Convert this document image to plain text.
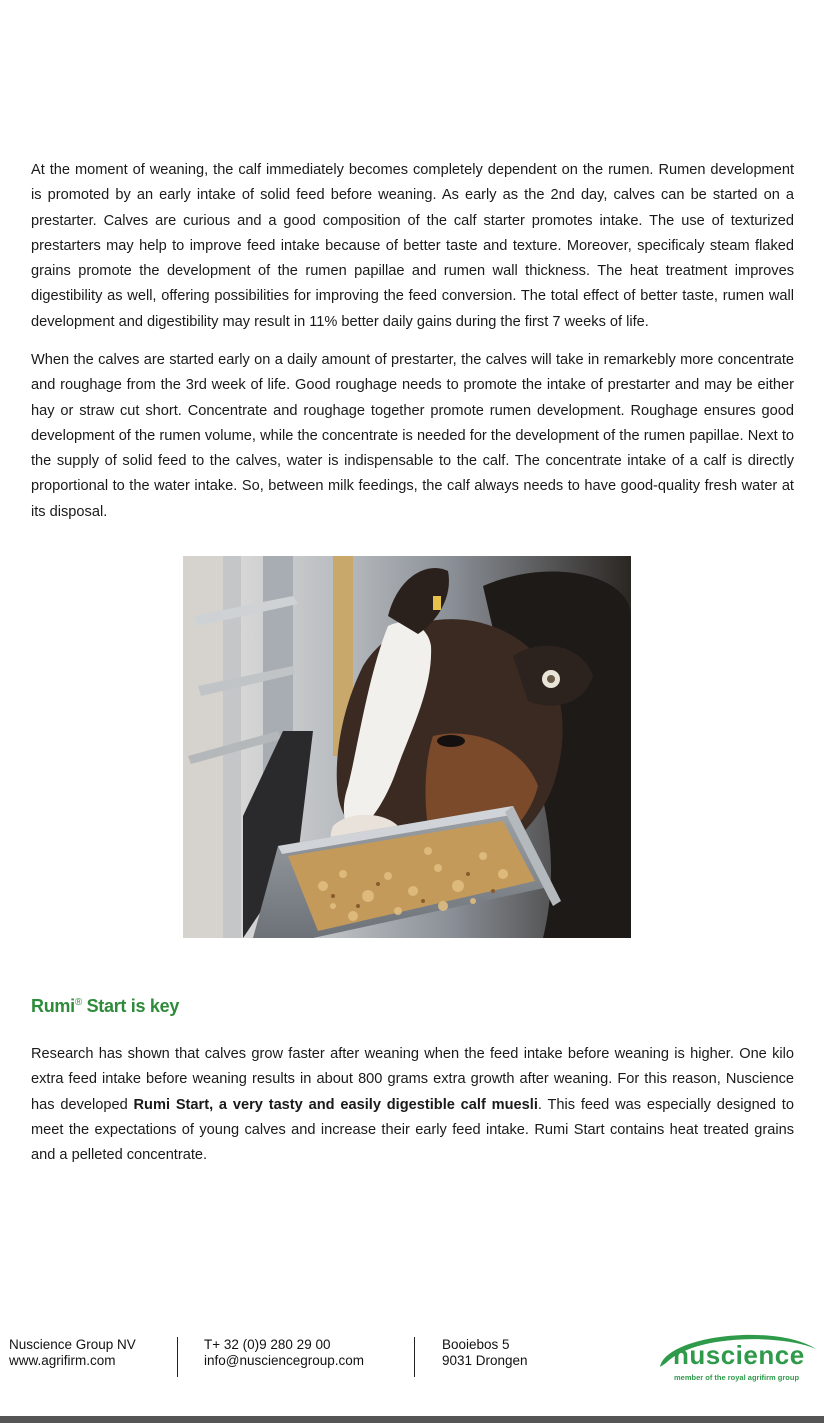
At the moment of weaning, the calf immediately becomes completely dependent on the rumen. Rumen development is promoted by an early intake of solid feed before weaning. As early as the 2nd day, calves can be started on a prestarter. Calves are curious and a good composition of the calf starter promotes intake. The use of texturized prestarters may help to improve feed intake because of better taste and texture. Moreover, specificaly steam flaked grains promote the development of the rumen papillae and rumen wall thickness. The heat treatment improves digestibility as well, offering possibilities for improving the feed conversion. The total effect of better taste, rumen wall development and digestibility may result in 11% better daily gains during the first 7 weeks of life.

When the calves are started early on a daily amount of prestarter, the calves will take in remarkebly more concentrate and roughage from the 3rd week of life. Good roughage needs to promote the intake of prestarter and may be either hay or straw cut short. Concentrate and roughage together promote rumen development. Roughage ensures good development of the rumen volume, while the concentrate is needed for the development of the rumen papillae. Next to the supply of solid feed to the calves, water is indispensable to the calf. The concentrate intake of a calf is directly proportional to the water intake. So, between milk feedings, the calf always needs to have good-quality fresh water at its disposal.

Rumi® Start is key

Research has shown that calves grow faster after weaning when the feed intake before weaning is higher. One kilo extra feed intake before weaning results in about 800 grams extra growth after weaning. For this reason, Nuscience has developed Rumi Start, a very tasty and easily digestible calf muesli. This feed was especially designed to meet the expectations of young calves and increase their early feed intake. Rumi Start contains heat treated grains and a pelleted concentrate.

Nuscience Group NV
www.agrifirm.com
T+ 32 (0)9 280 29 00
info@nusciencegroup.com
Booiebos 5
9031 Drongen	nuscience
member of the royal agrifirm group
